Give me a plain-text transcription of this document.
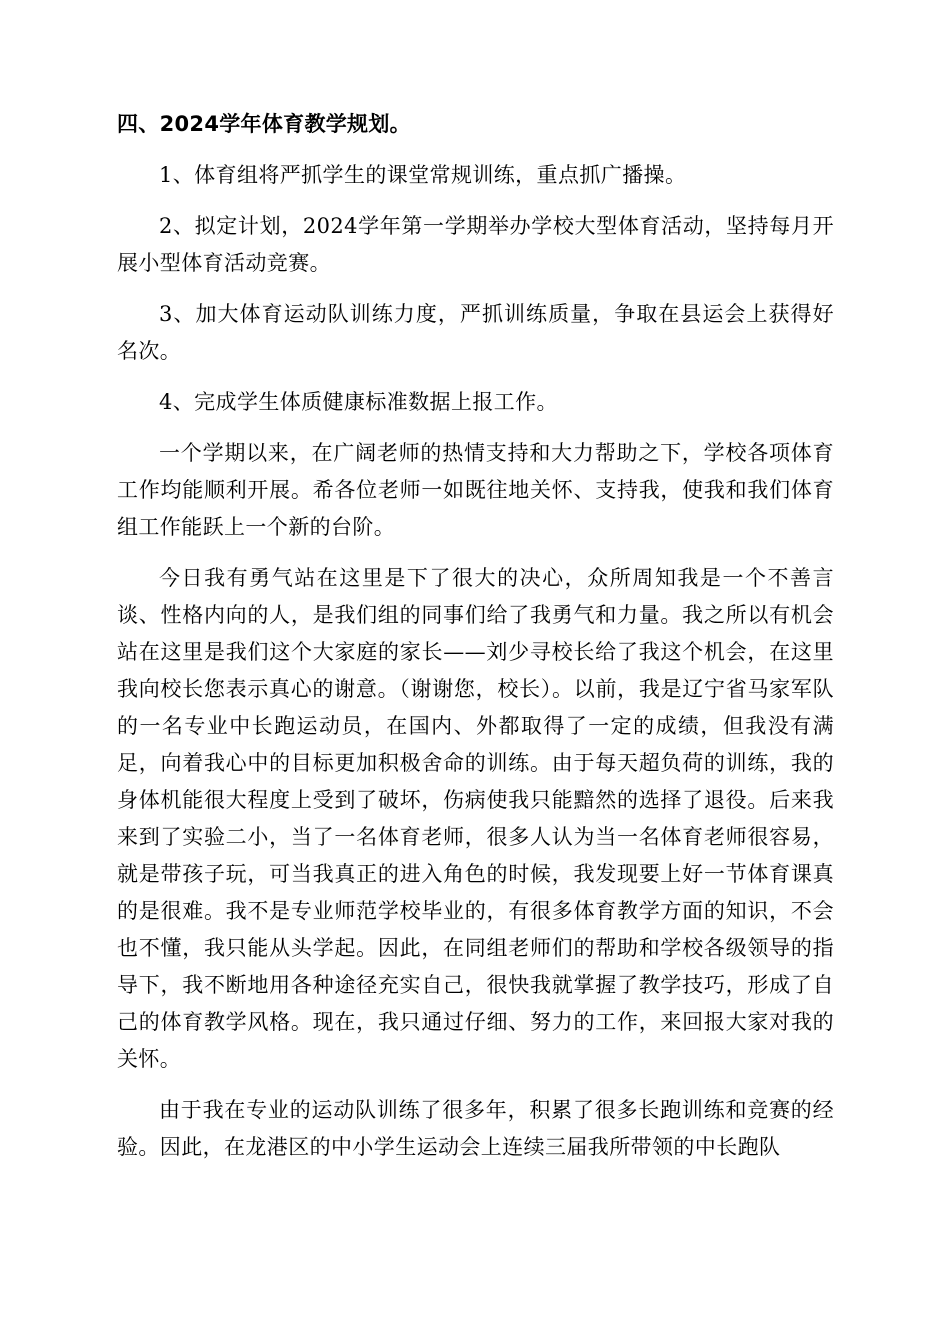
四、2024学年体育教学规划。

1、体育组将严抓学生的课堂常规训练，重点抓广播操。

2、拟定计划，2024学年第一学期举办学校大型体育活动，坚持每月开展小型体育活动竞赛。

3、加大体育运动队训练力度，严抓训练质量，争取在县运会上获得好名次。

4、完成学生体质健康标准数据上报工作。

一个学期以来，在广阔老师的热情支持和大力帮助之下，学校各项体育工作均能顺利开展。希各位老师一如既往地关怀、支持我，使我和我们体育组工作能跃上一个新的台阶。

今日我有勇气站在这里是下了很大的决心，众所周知我是一个不善言谈、性格内向的人，是我们组的同事们给了我勇气和力量。我之所以有机会站在这里是我们这个大家庭的家长——刘少寻校长给了我这个机会，在这里我向校长您表示真心的谢意。（谢谢您，校长）。以前，我是辽宁省马家军队的一名专业中长跑运动员，在国内、外都取得了一定的成绩，但我没有满足，向着我心中的目标更加积极舍命的训练。由于每天超负荷的训练，我的身体机能很大程度上受到了破坏，伤病使我只能黯然的选择了退役。后来我来到了实验二小，当了一名体育老师，很多人认为当一名体育老师很容易，就是带孩子玩，可当我真正的进入角色的时候，我发现要上好一节体育课真的是很难。我不是专业师范学校毕业的，有很多体育教学方面的知识，不会也不懂，我只能从头学起。因此，在同组老师们的帮助和学校各级领导的指导下，我不断地用各种途径充实自己，很快我就掌握了教学技巧，形成了自己的体育教学风格。现在，我只通过仔细、努力的工作，来回报大家对我的关怀。

由于我在专业的运动队训练了很多年，积累了很多长跑训练和竞赛的经验。因此，在龙港区的中小学生运动会上连续三届我所带领的中长跑队
